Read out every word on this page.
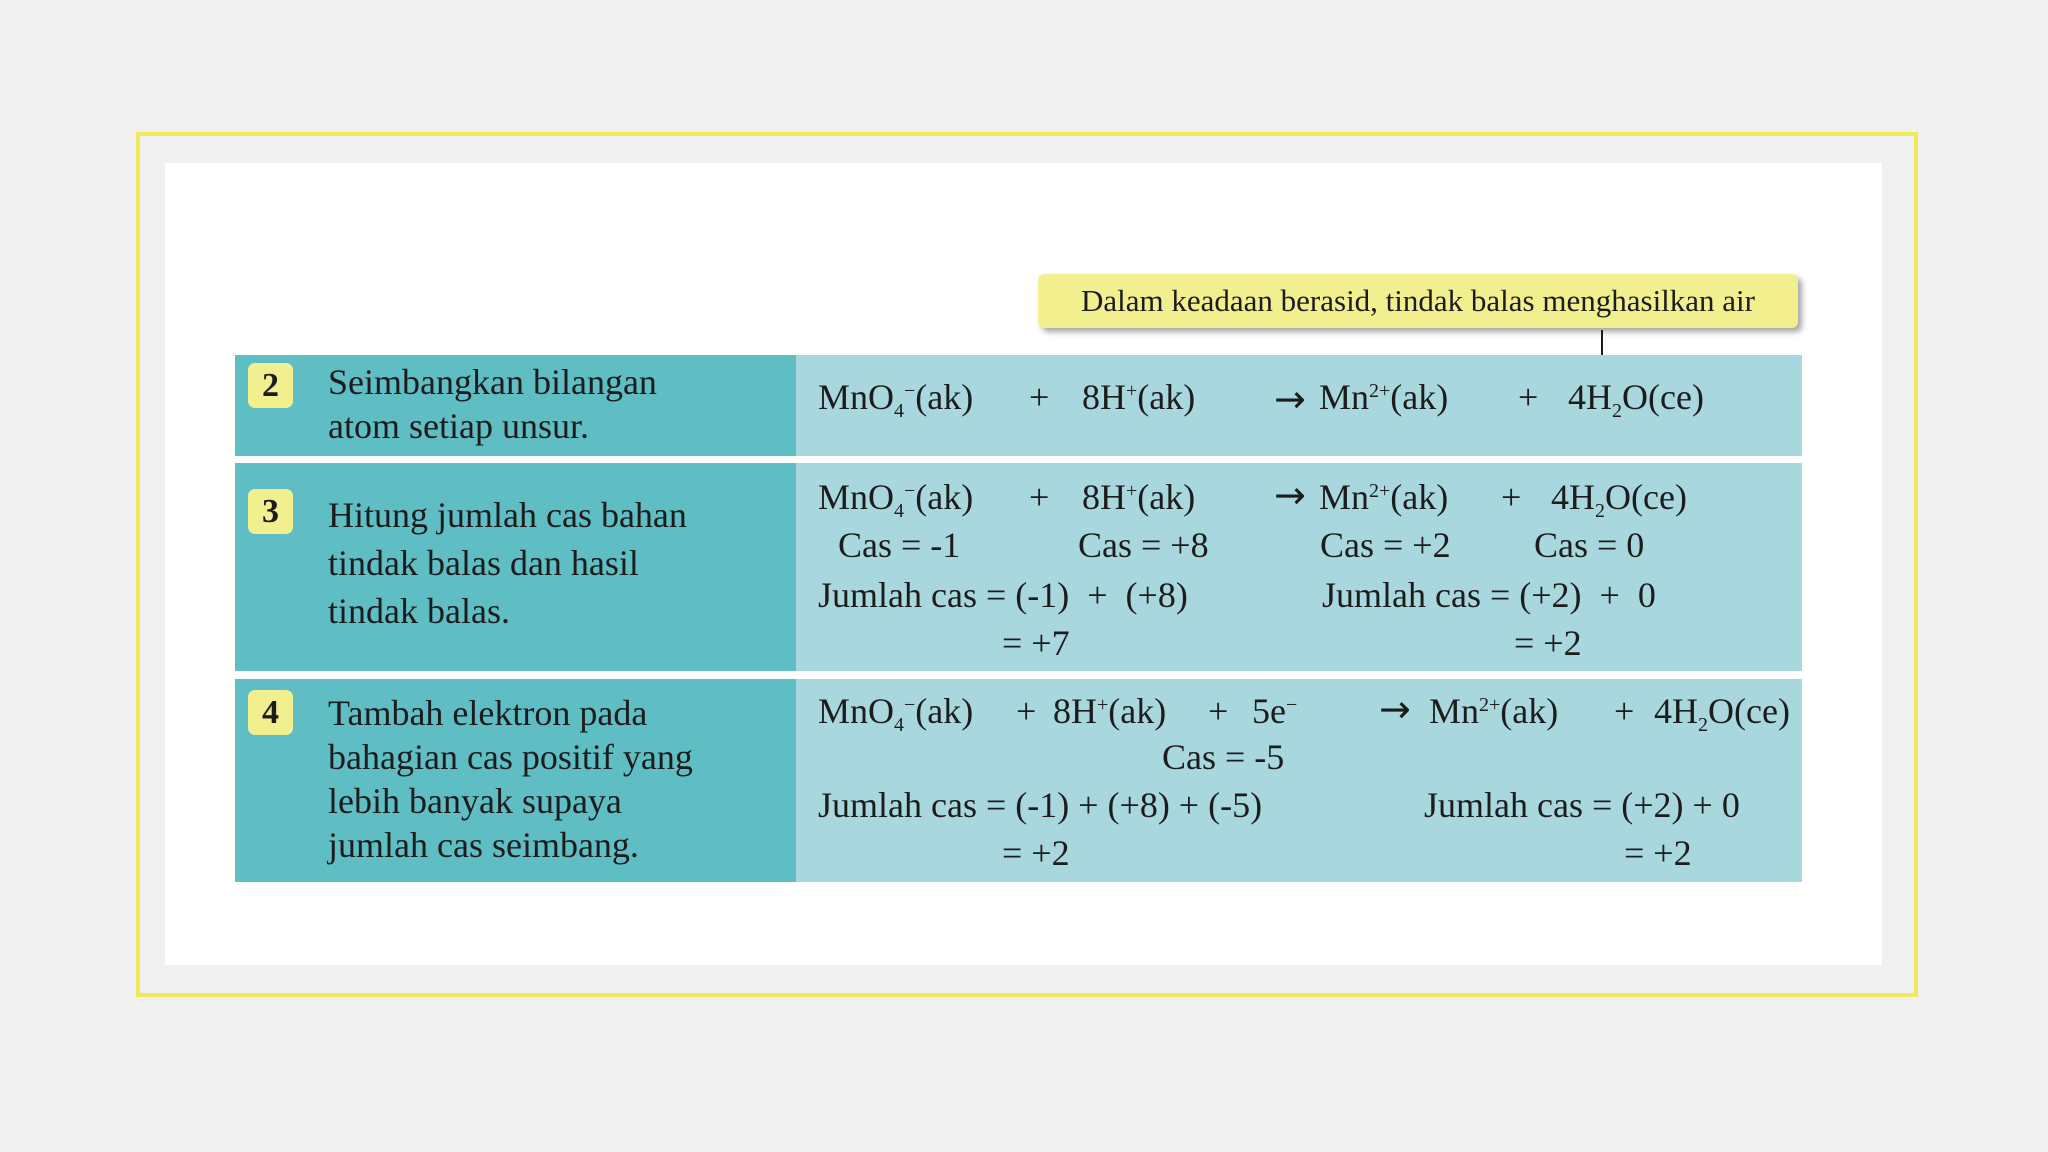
Dalam keadaan berasid, tindak balas menghasilkan air
2	Seimbangkan bilangan
atom setiap unsur.
$MnO_4^-(ak) + 8H^+(ak) \to Mn^{2+}(ak) + 4H_2O(ce)$
3	Hitung jumlah cas bahan
tindak balas dan hasil
tindak balas.
$MnO_4^-(ak) + 8H^+(ak) \to Mn^{2+}(ak) + 4H_2O(ce)$
Cas = -1	Cas = +8	Cas = +2 Cas = 0
Jumlah cas = (-1)  +  (+8)
= +7
Jumlah cas = (+2)  +  0
= +2
4	Tambah elektron pada
bahagian cas positif yang
lebih banyak supaya
jumlah cas seimbang.
$MnO_4^-(ak) + 8H^+(ak) + 5e^- \to Mn^{2+}(ak) + 4H_2O(ce)$
Cas = -5
Jumlah cas = (-1) + (+8) + (-5)
= +2
Jumlah cas = (+2) + 0
= +2
